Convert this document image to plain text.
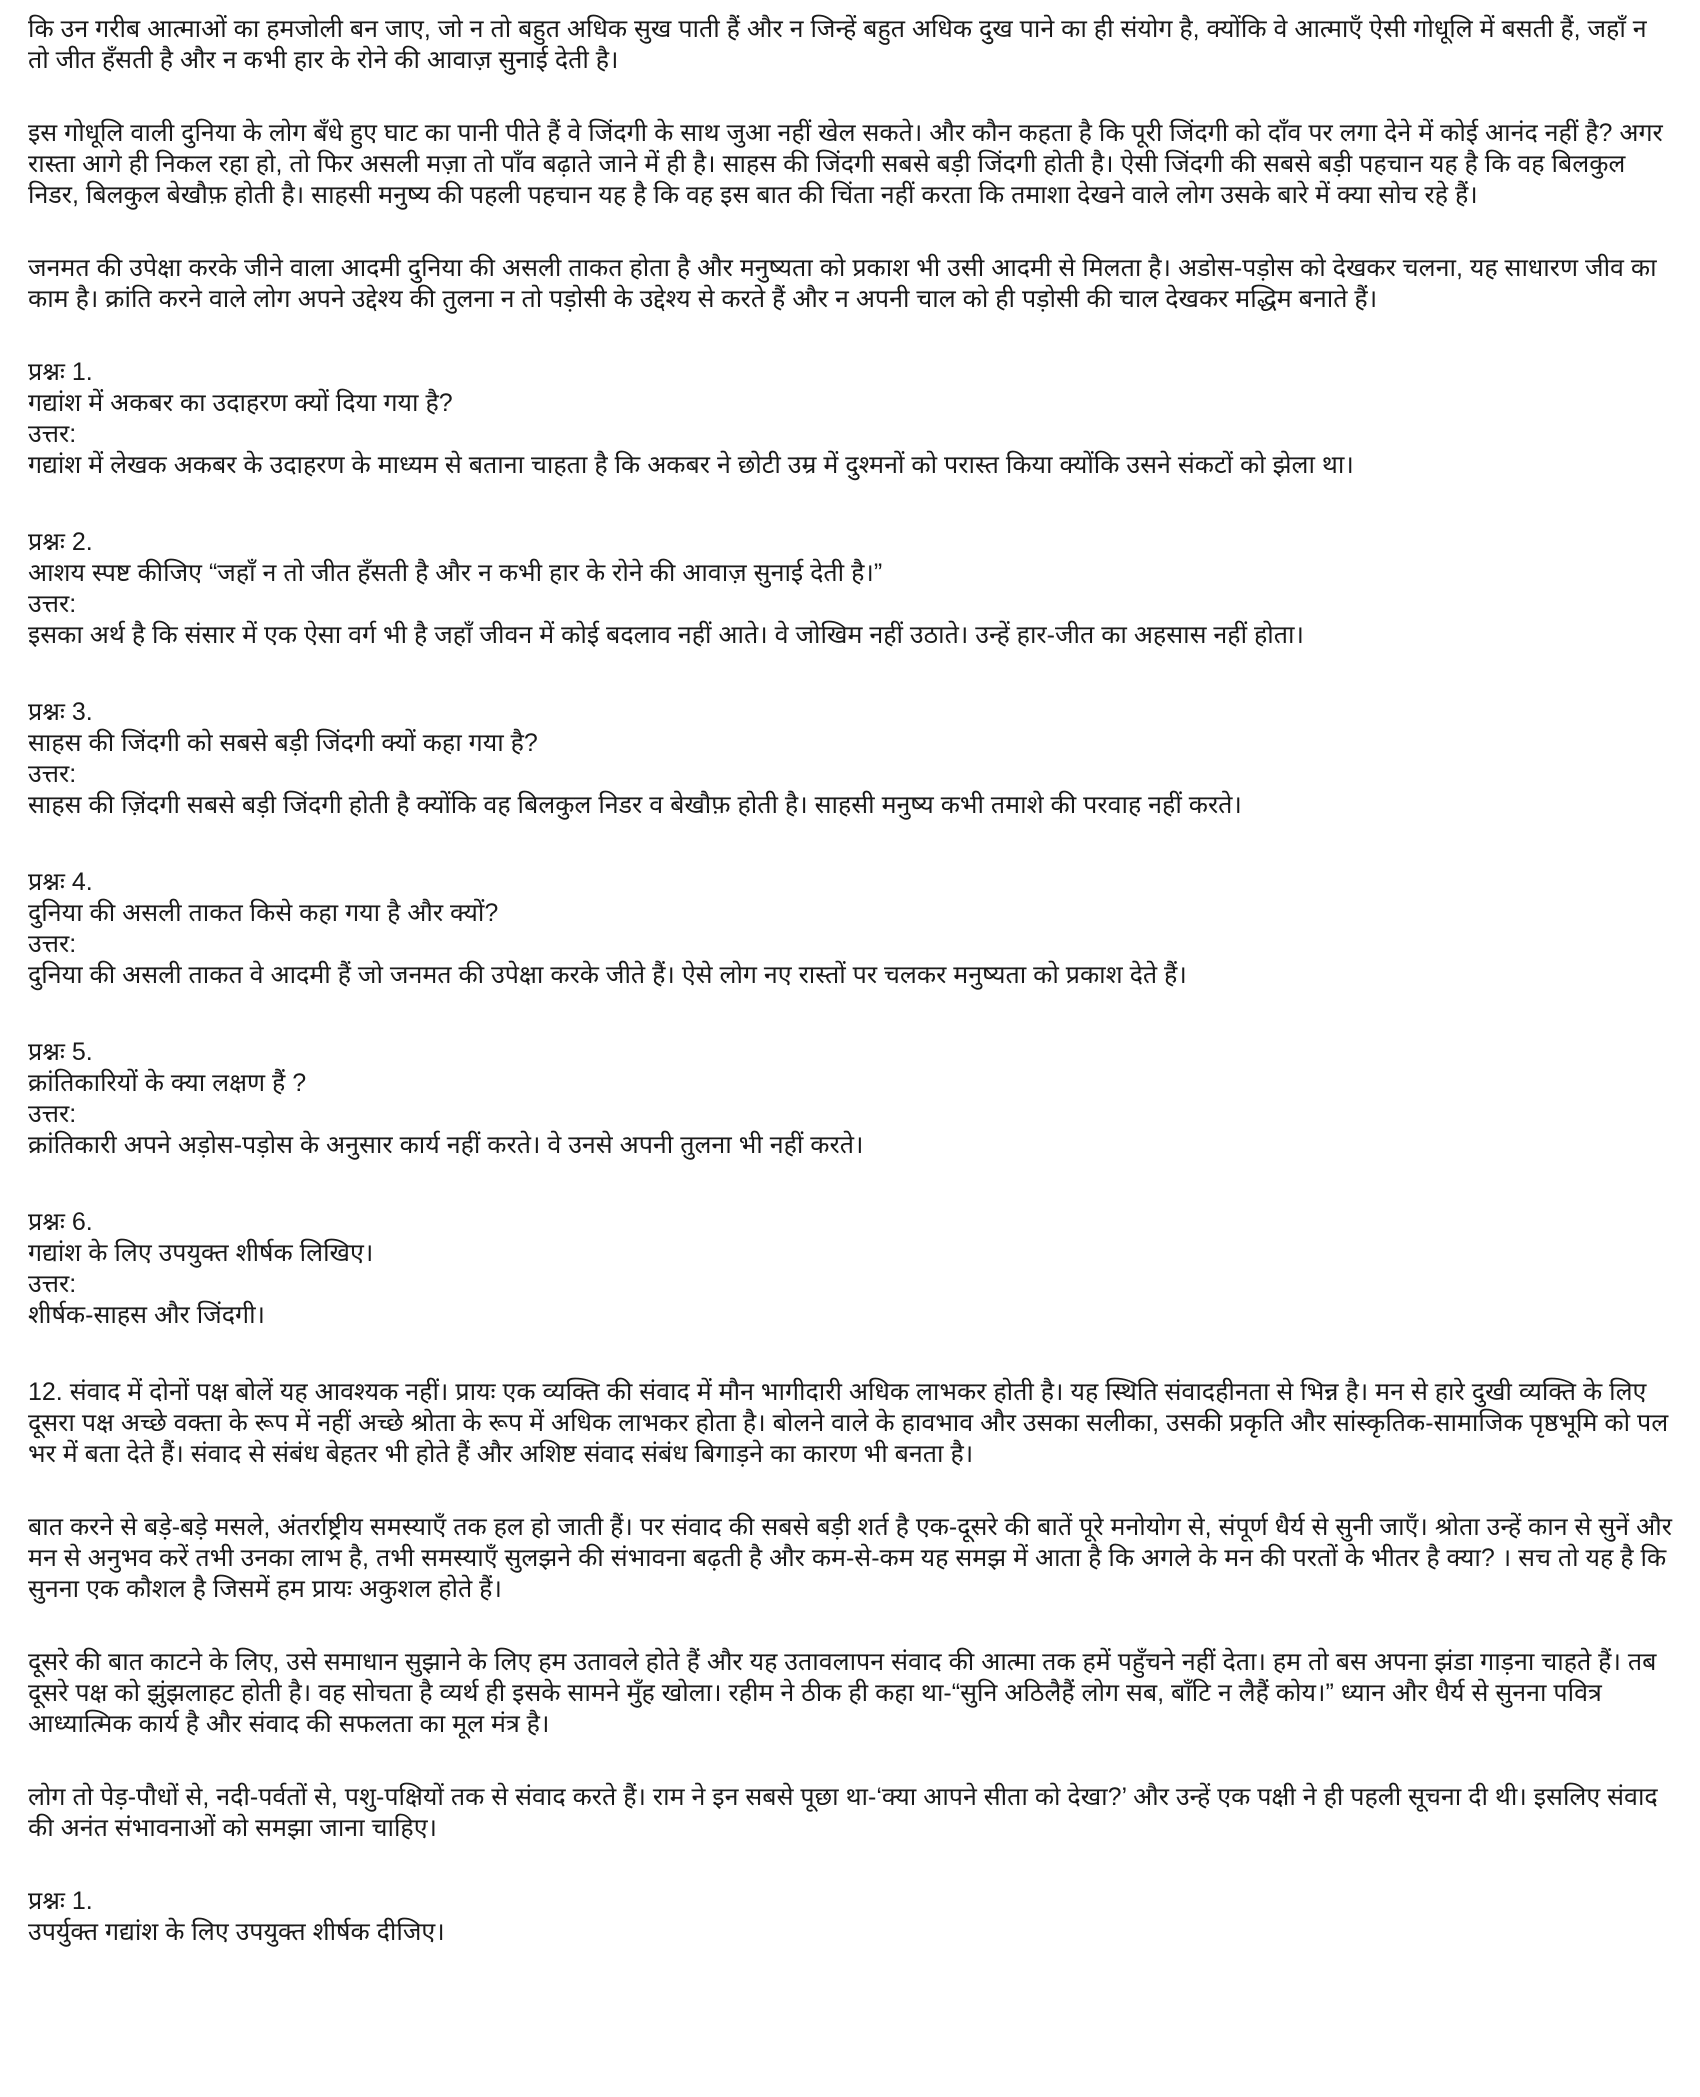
कि उन गरीब आत्माओं का हमजोली बन जाए, जो न तो बहुत अधिक सुख पाती हैं और न जिन्हें बहुत अधिक दुख पाने का ही संयोग है, क्योंकि वे आत्माएँ ऐसी गोधूलि में बसती हैं, जहाँ न तो जीत हँसती है और न कभी हार के रोने की आवाज़ सुनाई देती है।

इस गोधूलि वाली दुनिया के लोग बँधे हुए घाट का पानी पीते हैं वे जिंदगी के साथ जुआ नहीं खेल सकते। और कौन कहता है कि पूरी जिंदगी को दाँव पर लगा देने में कोई आनंद नहीं है? अगर रास्ता आगे ही निकल रहा हो, तो फिर असली मज़ा तो पाँव बढ़ाते जाने में ही है। साहस की जिंदगी सबसे बड़ी जिंदगी होती है। ऐसी जिंदगी की सबसे बड़ी पहचान यह है कि वह बिलकुल निडर, बिलकुल बेखौफ़ होती है। साहसी मनुष्य की पहली पहचान यह है कि वह इस बात की चिंता नहीं करता कि तमाशा देखने वाले लोग उसके बारे में क्या सोच रहे हैं।

जनमत की उपेक्षा करके जीने वाला आदमी दुनिया की असली ताकत होता है और मनुष्यता को प्रकाश भी उसी आदमी से मिलता है। अडोस-पड़ोस को देखकर चलना, यह साधारण जीव का काम है। क्रांति करने वाले लोग अपने उद्देश्य की तुलना न तो पड़ोसी के उद्देश्य से करते हैं और न अपनी चाल को ही पड़ोसी की चाल देखकर मद्धिम बनाते हैं।

प्रश्नः 1.
गद्यांश में अकबर का उदाहरण क्यों दिया गया है?
उत्तर:
गद्यांश में लेखक अकबर के उदाहरण के माध्यम से बताना चाहता है कि अकबर ने छोटी उम्र में दुश्मनों को परास्त किया क्योंकि उसने संकटों को झेला था।
प्रश्नः 2.
आशय स्पष्ट कीजिए “जहाँ न तो जीत हँसती है और न कभी हार के रोने की आवाज़ सुनाई देती है।”
उत्तर:
इसका अर्थ है कि संसार में एक ऐसा वर्ग भी है जहाँ जीवन में कोई बदलाव नहीं आते। वे जोखिम नहीं उठाते। उन्हें हार-जीत का अहसास नहीं होता।
प्रश्नः 3.
साहस की जिंदगी को सबसे बड़ी जिंदगी क्यों कहा गया है?
उत्तर:
साहस की ज़िंदगी सबसे बड़ी जिंदगी होती है क्योंकि वह बिलकुल निडर व बेखौफ़ होती है। साहसी मनुष्य कभी तमाशे की परवाह नहीं करते।
प्रश्नः 4.
दुनिया की असली ताकत किसे कहा गया है और क्यों?
उत्तर:
दुनिया की असली ताकत वे आदमी हैं जो जनमत की उपेक्षा करके जीते हैं। ऐसे लोग नए रास्तों पर चलकर मनुष्यता को प्रकाश देते हैं।
प्रश्नः 5.
क्रांतिकारियों के क्या लक्षण हैं ?
उत्तर:
क्रांतिकारी अपने अड़ोस-पड़ोस के अनुसार कार्य नहीं करते। वे उनसे अपनी तुलना भी नहीं करते।
प्रश्नः 6.
गद्यांश के लिए उपयुक्त शीर्षक लिखिए।
उत्तर:
शीर्षक-साहस और जिंदगी।

12. संवाद में दोनों पक्ष बोलें यह आवश्यक नहीं। प्रायः एक व्यक्ति की संवाद में मौन भागीदारी अधिक लाभकर होती है। यह स्थिति संवादहीनता से भिन्न है। मन से हारे दुखी व्यक्ति के लिए दूसरा पक्ष अच्छे वक्ता के रूप में नहीं अच्छे श्रोता के रूप में अधिक लाभकर होता है। बोलने वाले के हावभाव और उसका सलीका, उसकी प्रकृति और सांस्कृतिक-सामाजिक पृष्ठभूमि को पल भर में बता देते हैं। संवाद से संबंध बेहतर भी होते हैं और अशिष्ट संवाद संबंध बिगाड़ने का कारण भी बनता है।

बात करने से बड़े-बड़े मसले, अंतर्राष्ट्रीय समस्याएँ तक हल हो जाती हैं। पर संवाद की सबसे बड़ी शर्त है एक-दूसरे की बातें पूरे मनोयोग से, संपूर्ण धैर्य से सुनी जाएँ। श्रोता उन्हें कान से सुनें और मन से अनुभव करें तभी उनका लाभ है, तभी समस्याएँ सुलझने की संभावना बढ़ती है और कम-से-कम यह समझ में आता है कि अगले के मन की परतों के भीतर है क्या? । सच तो यह है कि सुनना एक कौशल है जिसमें हम प्रायः अकुशल होते हैं।

दूसरे की बात काटने के लिए, उसे समाधान सुझाने के लिए हम उतावले होते हैं और यह उतावलापन संवाद की आत्मा तक हमें पहुँचने नहीं देता। हम तो बस अपना झंडा गाड़ना चाहते हैं। तब दूसरे पक्ष को झुंझलाहट होती है। वह सोचता है व्यर्थ ही इसके सामने मुँह खोला। रहीम ने ठीक ही कहा था-“सुनि अठिलैहैं लोग सब, बाँटि न लैहैं कोय।” ध्यान और धैर्य से सुनना पवित्र आध्यात्मिक कार्य है और संवाद की सफलता का मूल मंत्र है।

लोग तो पेड़-पौधों से, नदी-पर्वतों से, पशु-पक्षियों तक से संवाद करते हैं। राम ने इन सबसे पूछा था-‘क्या आपने सीता को देखा?’ और उन्हें एक पक्षी ने ही पहली सूचना दी थी। इसलिए संवाद की अनंत संभावनाओं को समझा जाना चाहिए।

प्रश्नः 1.
उपर्युक्त गद्यांश के लिए उपयुक्त शीर्षक दीजिए।
